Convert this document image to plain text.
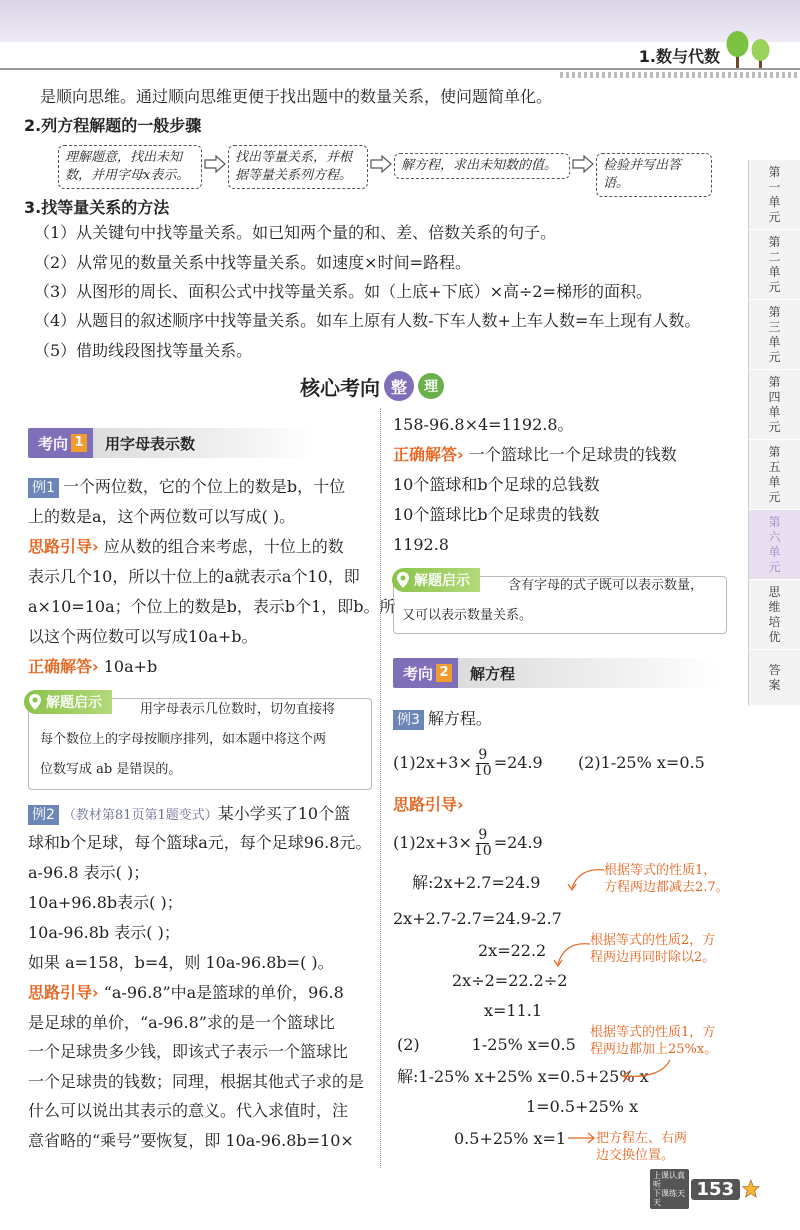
1.数与代数
第一单元
第二单元
第三单元
第四单元
第五单元
第六单元
思维培优
答案
是顺向思维。通过顺向思维更便于找出题中的数量关系，使问题简单化。
2.列方程解题的一般步骤
理解题意，找出未知数，并用字母x表示。
找出等量关系，并根据等量关系列方程。
解方程，求出未知数的值。	检验并写出答语。
3.找等量关系的方法
（1）从关键句中找等量关系。如已知两个量的和、差、倍数关系的句子。
（2）从常见的数量关系中找等量关系。如速度×时间=路程。
（3）从图形的周长、面积公式中找等量关系。如（上底+下底）×高÷2=梯形的面积。
（4）从题目的叙述顺序中找等量关系。如车上原有人数-下车人数+上车人数=车上现有人数。
（5）借助线段图找等量关系。
核心考向 整	理
考向 1	用字母表示数
例1 一个两位数，它的个位上的数是b，十位
上的数是a，这个两位数可以写成( )。
思路引导› 应从数的组合来考虑，十位上的数
表示几个10，所以十位上的a就表示a个10，即
a×10=10a；个位上的数是b，表示b个1，即b。所
以这个两位数可以写成10a+b。
正确解答› 10a+b
解题启示	用字母表示几位数时，切勿直接将
每个数位上的字母按顺序排列，如本题中将这个两
位数写成 ab 是错误的。
例2 （教材第81页第1题变式）某小学买了10个篮
球和b个足球，每个篮球a元，每个足球96.8元。
a-96.8 表示( )；
10a+96.8b表示( )；
10a-96.8b 表示( )；
如果 a=158，b=4，则 10a-96.8b=( )。
思路引导› “a-96.8”中a是篮球的单价，96.8
是足球的单价，“a-96.8”求的是一个篮球比
一个足球贵多少钱，即该式子表示一个篮球比
一个足球贵的钱数；同理，根据其他式子求的是
什么可以说出其表示的意义。代入求值时，注
意省略的“乘号”要恢复，即 10a-96.8b=10×
158-96.8×4=1192.8。
正确解答› 一个篮球比一个足球贵的钱数
10个篮球和b个足球的总钱数
10个篮球比b个足球贵的钱数
1192.8
解题启示	含有字母的式子既可以表示数量，
又可以表示数量关系。
考向 2	解方程
例3 解方程。
$(1)2x+3\times \frac{9}{10} =24.9$ (2)1-25% x=0.5
思路引导›
$(1)2x+3\times \frac{9}{10} =24.9$
解:2x+2.7=24.9
2x+2.7-2.7=24.9-2.7
2x=22.2
2x÷2=22.2÷2
x=11.1
(2)	1-25% x=0.5
解:1-25% x+25% x=0.5+25% x
1=0.5+25% x
0.5+25% x=1
根据等式的性质1，
方程两边都减去2.7。
根据等式的性质2，方
程两边再同时除以2。
根据等式的性质1，方
程两边都加上25%x。
把方程左、右两
边交换位置。
上课认真听
下课练天天
153
